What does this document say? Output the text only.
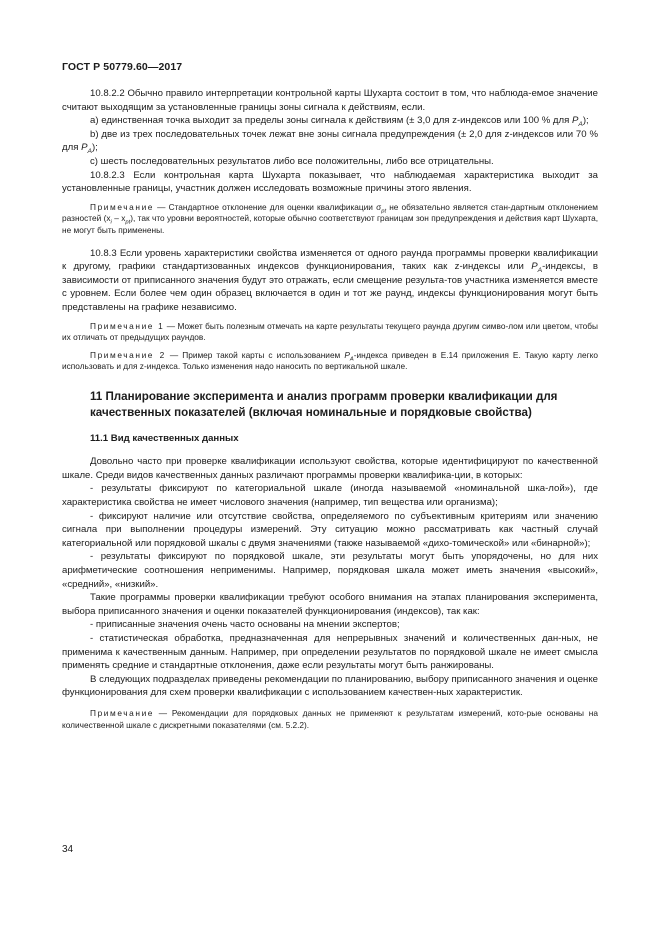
ГОСТ Р 50779.60—2017

10.8.2.2 Обычно правило интерпретации контрольной карты Шухарта состоит в том, что наблюда-емое значение считают выходящим за установленные границы зоны сигнала к действиям, если.

а) единственная точка выходит за пределы зоны сигнала к действиям (± 3,0 для z-индексов или 100 % для $P_A$);

b) две из трех последовательных точек лежат вне зоны сигнала предупреждения (± 2,0 для z-индексов или 70 % для $P_A$);

с) шесть последовательных результатов либо все положительны, либо все отрицательны.

10.8.2.3 Если контрольная карта Шухарта показывает, что наблюдаемая характеристика выходит за установленные границы, участник должен исследовать возможные причины этого явления.

Примечание — Стандартное отклонение для оценки квалификации $\sigma_{pt}$ не обязательно является стан-дартным отклонением разностей $(x_i - x_{pt})$, так что уровни вероятностей, которые обычно соответствуют границам зон предупреждения и действия карт Шухарта, не могут быть применены.

10.8.3 Если уровень характеристики свойства изменяется от одного раунда программы проверки квалификации к другому, графики стандартизованных индексов функционирования, таких как z-индексы или $P_A$-индексы, в зависимости от приписанного значения будут это отражать, если смещение результа-тов участника изменяется вместе с уровнем. Если более чем один образец включается в один и тот же раунд, индексы функционирования могут быть представлены на графике независимо.

Примечание 1 — Может быть полезным отмечать на карте результаты текущего раунда другим симво-лом или цветом, чтобы их отличать от предыдущих раундов.

Примечание 2 — Пример такой карты с использованием $P_A$-индекса приведен в Е.14 приложения Е. Такую карту легко использовать и для z-индекса. Только изменения надо наносить по вертикальной шкале.

11 Планирование эксперимента и анализ программ проверки квалификации для качественных показателей (включая номинальные и порядковые свойства)

11.1 Вид качественных данных

Довольно часто при проверке квалификации используют свойства, которые идентифицируют по качественной шкале. Среди видов качественных данных различают программы проверки квалифика-ции, в которых:

- результаты фиксируют по категориальной шкале (иногда называемой «номинальной шка-лой»), где характеристика свойства не имеет числового значения (например, тип вещества или организма);

- фиксируют наличие или отсутствие свойства, определяемого по субъективным критериям или значению сигнала при выполнении процедуры измерений. Эту ситуацию можно рассматривать как частный случай категориальной или порядковой шкалы с двумя значениями (также называемой «дихо-томической» или «бинарной»);

- результаты фиксируют по порядковой шкале, эти результаты могут быть упорядочены, но для них арифметические соотношения неприменимы. Например, порядковая шкала может иметь значения «высокий», «средний», «низкий».

Такие программы проверки квалификации требуют особого внимания на этапах планирования эксперимента, выбора приписанного значения и оценки показателей функционирования (индексов), так как:

- приписанные значения очень часто основаны на мнении экспертов;

- статистическая обработка, предназначенная для непрерывных значений и количественных дан-ных, не применима к качественным данным. Например, при определении результатов по порядковой шкале не имеет смысла применять средние и стандартные отклонения, даже если результаты могут быть ранжированы.

В следующих подразделах приведены рекомендации по планированию, выбору приписанного значения и оценке функционирования для схем проверки квалификации с использованием качествен-ных характеристик.

Примечание — Рекомендации для порядковых данных не применяют к результатам измерений, кото-рые основаны на количественной шкале с дискретными показателями (см. 5.2.2).

34
